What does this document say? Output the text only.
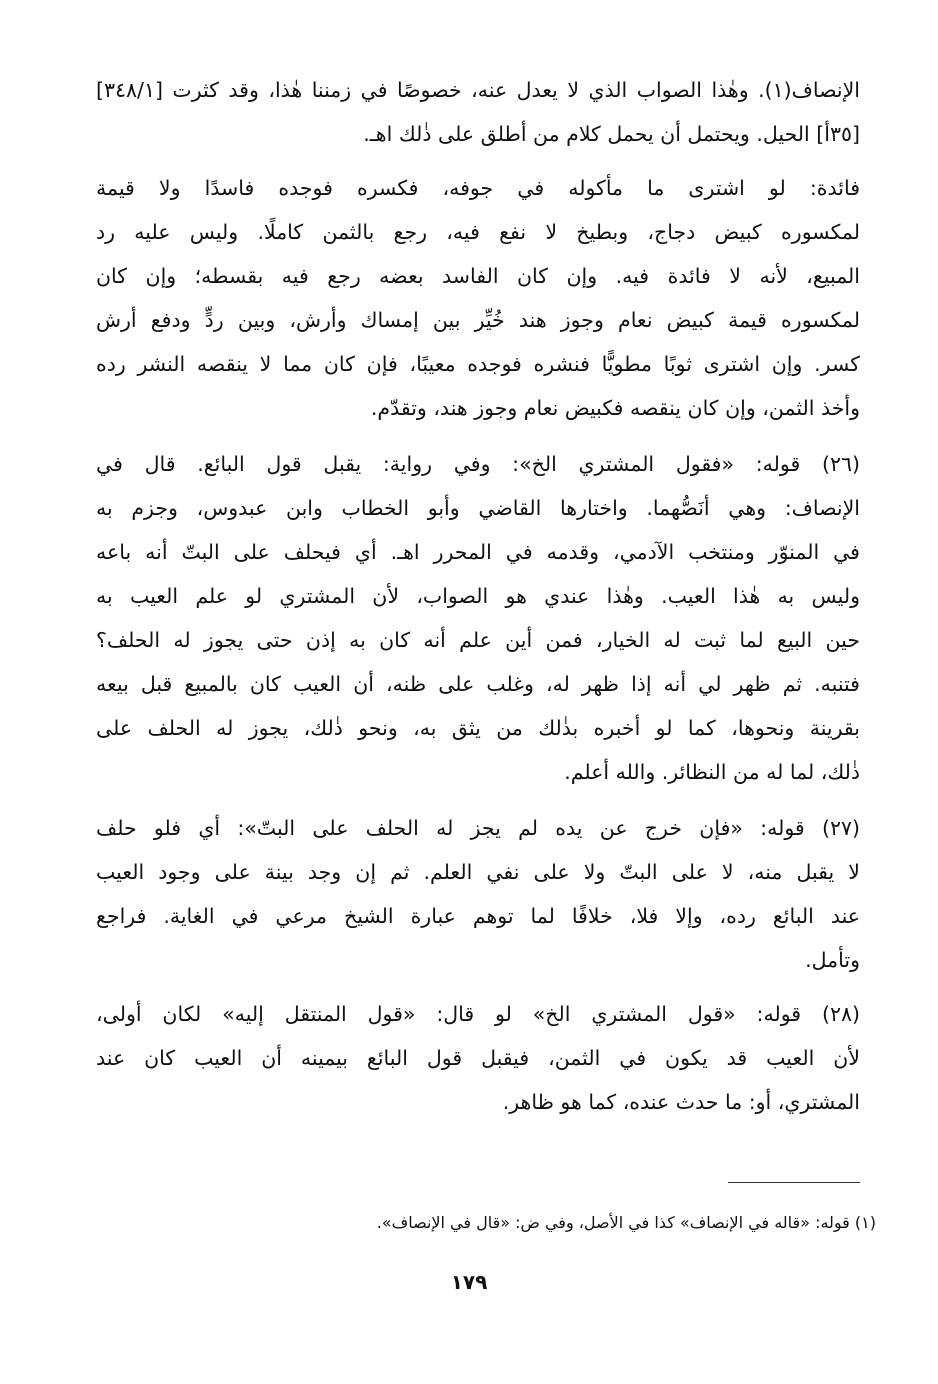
الإنصاف(١). وهٰذا الصواب الذي لا يعدل عنه، خصوصًا في زمننا هٰذا، وقد كثرت [٣٤٨/١]
[٣٥أ] الحيل. ويحتمل أن يحمل كلام من أطلق على ذٰلك اهـ.
فائدة: لو اشترى ما مأكوله في جوفه، فكسره فوجده فاسدًا ولا قيمة
لمكسوره كبيض دجاج، وبطيخ لا نفع فيه، رجع بالثمن كاملًا. وليس عليه رد
المبيع، لأنه لا فائدة فيه. وإن كان الفاسد بعضه رجع فيه بقسطه؛ وإن كان
لمكسوره قيمة كبيض نعام وجوز هند خُيِّر بين إمساك وأرش، وبين ردٍّ ودفع أرش
كسر. وإن اشترى ثوبًا مطويًّا فنشره فوجده معيبًا، فإن كان مما لا ينقصه النشر رده
وأخذ الثمن، وإن كان ينقصه فكبيض نعام وجوز هند، وتقدّم.
(٢٦) قوله: «فقول المشتري الخ»: وفي رواية: يقبل قول البائع. قال في
الإنصاف: وهي أنَصُّهما. واختارها القاضي وأبو الخطاب وابن عبدوس، وجزم به
في المنوّر ومنتخب الآدمي، وقدمه في المحرر اهـ. أي فيحلف على البتّ أنه باعه
وليس به هٰذا العيب. وهٰذا عندي هو الصواب، لأن المشتري لو علم العيب به
حين البيع لما ثبت له الخيار، فمن أين علم أنه كان به إذن حتى يجوز له الحلف؟
فتنبه. ثم ظهر لي أنه إذا ظهر له، وغلب على ظنه، أن العيب كان بالمبيع قبل بيعه
بقرينة ونحوها، كما لو أخبره بذٰلك من يثق به، ونحو ذٰلك، يجوز له الحلف على
ذٰلك، لما له من النظائر. والله أعلم.
(٢٧) قوله: «فإن خرج عن يده لم يجز له الحلف على البتّ»: أي فلو حلف
لا يقبل منه، لا على البتّ ولا على نفي العلم. ثم إن وجد بينة على وجود العيب
عند البائع رده، وإلا فلا، خلافًا لما توهم عبارة الشيخ مرعي في الغاية. فراجع
وتأمل.
(٢٨) قوله: «قول المشتري الخ» لو قال: «قول المنتقل إليه» لكان أولى،
لأن العيب قد يكون في الثمن، فيقبل قول البائع بيمينه أن العيب كان عند
المشتري، أو: ما حدث عنده، كما هو ظاهر.
(١) قوله: «قاله في الإنصاف» كذا في الأصل، وفي ض: «قال في الإنصاف».
١٧٩
